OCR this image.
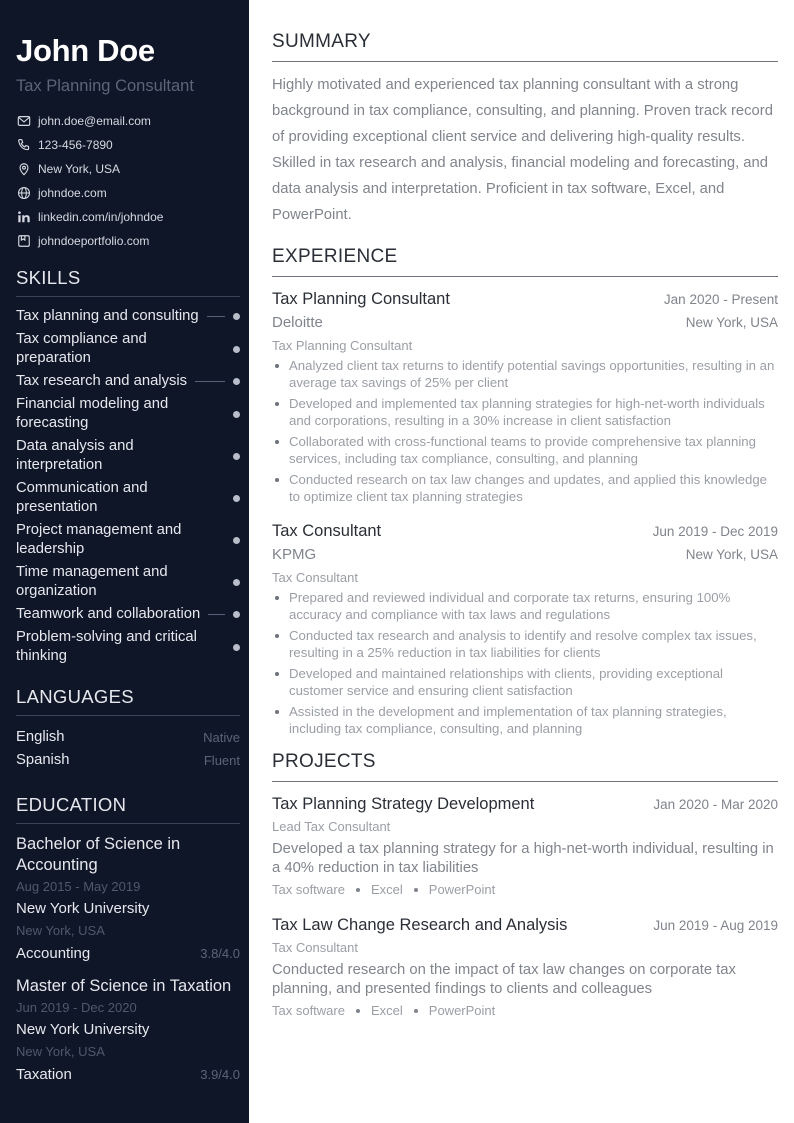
John Doe
Tax Planning Consultant
john.doe@email.com
123-456-7890
New York, USA
johndoe.com
linkedin.com/in/johndoe
johndoeportfolio.com
SKILLS
Tax planning and consulting
Tax compliance and preparation
Tax research and analysis
Financial modeling and forecasting
Data analysis and interpretation
Communication and presentation
Project management and leadership
Time management and organization
Teamwork and collaboration
Problem-solving and critical thinking
LANGUAGES
English	Native
Spanish	Fluent
EDUCATION
Bachelor of Science in Accounting
Aug 2015 - May 2019
New York University
New York, USA
Accounting	3.8/4.0
Master of Science in Taxation
Jun 2019 - Dec 2020
New York University
New York, USA
Taxation	3.9/4.0
SUMMARY

Highly motivated and experienced tax planning consultant with a strong background in tax compliance, consulting, and planning. Proven track record of providing exceptional client service and delivering high-quality results. Skilled in tax research and analysis, financial modeling and forecasting, and data analysis and interpretation. Proficient in tax software, Excel, and PowerPoint.

EXPERIENCE
Tax Planning Consultant	Jan 2020 - Present
Deloitte	New York, USA
Tax Planning Consultant
Analyzed client tax returns to identify potential savings opportunities, resulting in an average tax savings of 25% per client
Developed and implemented tax planning strategies for high-net-worth individuals and corporations, resulting in a 30% increase in client satisfaction
Collaborated with cross-functional teams to provide comprehensive tax planning services, including tax compliance, consulting, and planning
Conducted research on tax law changes and updates, and applied this knowledge to optimize client tax planning strategies
Tax Consultant	Jun 2019 - Dec 2019
KPMG	New York, USA
Tax Consultant
Prepared and reviewed individual and corporate tax returns, ensuring 100% accuracy and compliance with tax laws and regulations
Conducted tax research and analysis to identify and resolve complex tax issues, resulting in a 25% reduction in tax liabilities for clients
Developed and maintained relationships with clients, providing exceptional customer service and ensuring client satisfaction
Assisted in the development and implementation of tax planning strategies, including tax compliance, consulting, and planning
PROJECTS
Tax Planning Strategy Development	Jan 2020 - Mar 2020
Lead Tax Consultant
Developed a tax planning strategy for a high-net-worth individual, resulting in a 40% reduction in tax liabilities
Tax software Excel PowerPoint
Tax Law Change Research and Analysis	Jun 2019 - Aug 2019
Tax Consultant
Conducted research on the impact of tax law changes on corporate tax planning, and presented findings to clients and colleagues
Tax software Excel PowerPoint
